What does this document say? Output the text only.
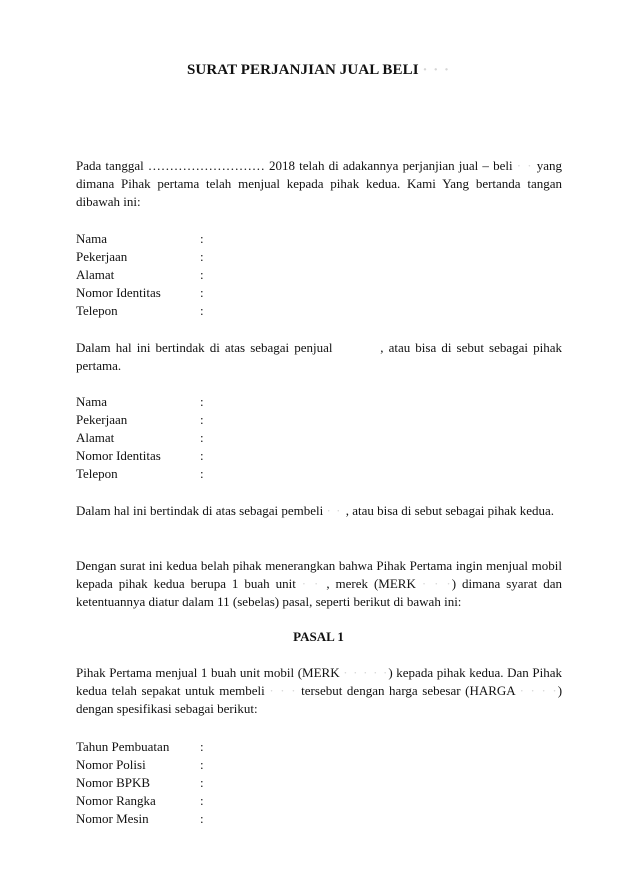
SURAT PERJANJIAN JUAL BELI · · ·
Pada tanggal ……………………… 2018 telah di adakannya perjanjian jual – beli · · yang dimana Pihak pertama telah menjual kepada pihak kedua. Kami Yang bertanda tangan dibawah ini:
Nama	:
Pekerjaan	:
Alamat	:
Nomor Identitas	:
Telepon	:
Dalam hal ini bertindak di atas sebagai penjual	, atau bisa di sebut sebagai pihak pertama.
Nama	:
Pekerjaan	:
Alamat	:
Nomor Identitas	:
Telepon	:
Dalam hal ini bertindak di atas sebagai pembeli · · , atau bisa di sebut sebagai pihak kedua.
Dengan surat ini kedua belah pihak menerangkan bahwa Pihak Pertama ingin menjual mobil kepada pihak kedua berupa 1 buah unit · · , merek (MERK · · ·) dimana syarat dan ketentuannya diatur dalam 11 (sebelas) pasal, seperti berikut di bawah ini:
PASAL 1
Pihak Pertama menjual 1 buah unit mobil (MERK · · · · ·) kepada pihak kedua. Dan Pihak kedua telah sepakat untuk membeli · · · tersebut dengan harga sebesar (HARGA · · · ·) dengan spesifikasi sebagai berikut:
Tahun Pembuatan	:
Nomor Polisi	:
Nomor BPKB	:
Nomor Rangka	:
Nomor Mesin	:
